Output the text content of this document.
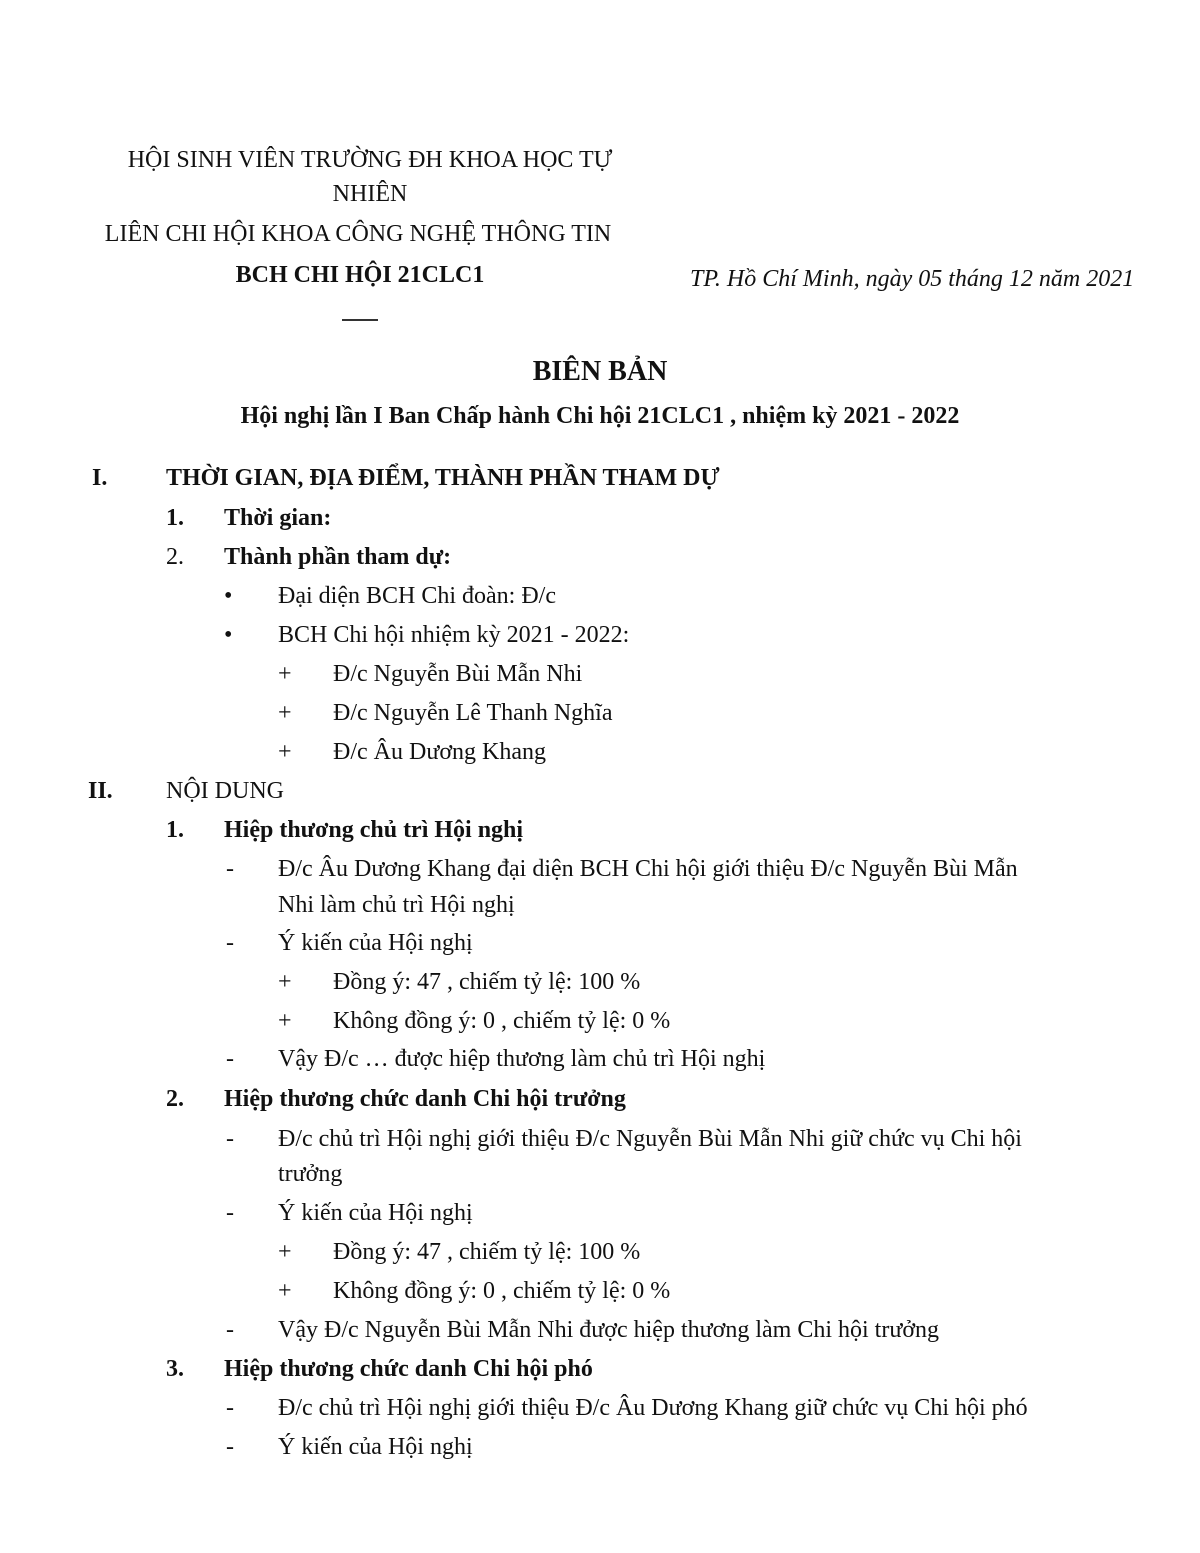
HỘI SINH VIÊN TRƯỜNG ĐH KHOA HỌC TỰ
NHIÊN
LIÊN CHI HỘI KHOA CÔNG NGHỆ THÔNG TIN
BCH CHI HỘI 21CLC1	TP. Hồ Chí Minh, ngày 05 tháng 12 năm 2021
BIÊN BẢN
Hội nghị lần I Ban Chấp hành Chi hội 21CLC1 , nhiệm kỳ 2021 - 2022
I. THỜI GIAN, ĐỊA ĐIỂM, THÀNH PHẦN THAM DỰ
1. Thời gian:
2. Thành phần tham dự:
• Đại diện BCH Chi đoàn: Đ/c
• BCH Chi hội nhiệm kỳ 2021 - 2022:
+ Đ/c Nguyễn Bùi Mẫn Nhi
+ Đ/c Nguyễn Lê Thanh Nghĩa
+ Đ/c Âu Dương Khang
II. NỘI DUNG
1. Hiệp thương chủ trì Hội nghị
- Đ/c Âu Dương Khang đại diện BCH Chi hội giới thiệu Đ/c Nguyễn Bùi Mẫn
Nhi làm chủ trì Hội nghị
- Ý kiến của Hội nghị
+ Đồng ý: 47 , chiếm tỷ lệ: 100 %
+ Không đồng ý: 0 , chiếm tỷ lệ: 0 %
- Vậy Đ/c … được hiệp thương làm chủ trì Hội nghị
2. Hiệp thương chức danh Chi hội trưởng
- Đ/c chủ trì Hội nghị giới thiệu Đ/c Nguyễn Bùi Mẫn Nhi giữ chức vụ Chi hội
trưởng
- Ý kiến của Hội nghị
+ Đồng ý: 47 , chiếm tỷ lệ: 100 %
+ Không đồng ý: 0 , chiếm tỷ lệ: 0 %
- Vậy Đ/c Nguyễn Bùi Mẫn Nhi được hiệp thương làm Chi hội trưởng
3. Hiệp thương chức danh Chi hội phó
- Đ/c chủ trì Hội nghị giới thiệu Đ/c Âu Dương Khang giữ chức vụ Chi hội phó
- Ý kiến của Hội nghị
